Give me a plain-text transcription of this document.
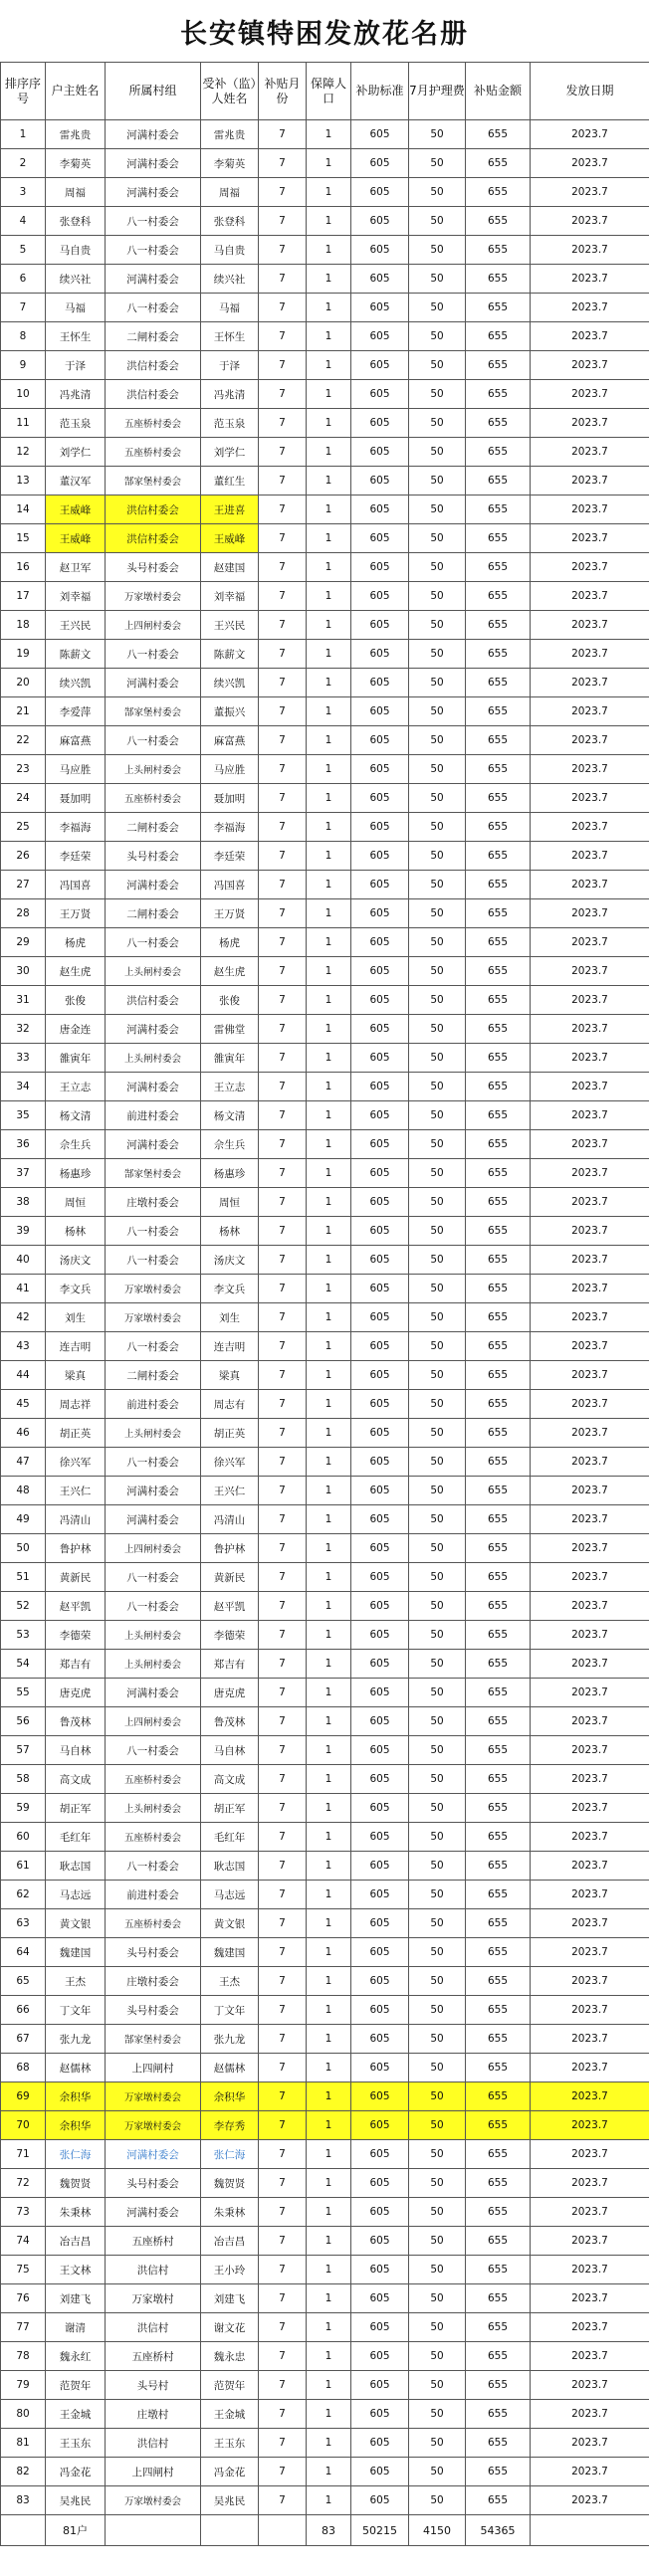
长安镇特困发放花名册
排序序号	户主姓名	所属村组	受补（监）人姓名	补贴月份	保障人口	补助标准	7月护理费	补贴金额	发放日期
1	雷兆贵	河满村委会	雷兆贵	7	1	605	50	655	2023.7
2	李菊英	河满村委会	李菊英	7	1	605	50	655	2023.7
3	周福	河满村委会	周福	7	1	605	50	655	2023.7
4	张登科	八一村委会	张登科	7	1	605	50	655	2023.7
5	马自贵	八一村委会	马自贵	7	1	605	50	655	2023.7
6	续兴社	河满村委会	续兴社	7	1	605	50	655	2023.7
7	马福	八一村委会	马福	7	1	605	50	655	2023.7
8	王怀生	二闸村委会	王怀生	7	1	605	50	655	2023.7
9	于泽	洪信村委会	于泽	7	1	605	50	655	2023.7
10	冯兆清	洪信村委会	冯兆清	7	1	605	50	655	2023.7
11	范玉泉	五座桥村委会	范玉泉	7	1	605	50	655	2023.7
12	刘学仁	五座桥村委会	刘学仁	7	1	605	50	655	2023.7
13	董汉军	郜家堡村委会	董红生	7	1	605	50	655	2023.7
14	王威峰	洪信村委会	王进喜	7	1	605	50	655	2023.7
15	王威峰	洪信村委会	王威峰	7	1	605	50	655	2023.7
16	赵卫军	头号村委会	赵建国	7	1	605	50	655	2023.7
17	刘幸福	万家墩村委会	刘幸福	7	1	605	50	655	2023.7
18	王兴民	上四闸村委会	王兴民	7	1	605	50	655	2023.7
19	陈薪文	八一村委会	陈薪文	7	1	605	50	655	2023.7
20	续兴凯	河满村委会	续兴凯	7	1	605	50	655	2023.7
21	李爱萍	郜家堡村委会	董振兴	7	1	605	50	655	2023.7
22	麻富燕	八一村委会	麻富燕	7	1	605	50	655	2023.7
23	马应胜	上头闸村委会	马应胜	7	1	605	50	655	2023.7
24	聂加明	五座桥村委会	聂加明	7	1	605	50	655	2023.7
25	李福海	二闸村委会	李福海	7	1	605	50	655	2023.7
26	李廷荣	头号村委会	李廷荣	7	1	605	50	655	2023.7
27	冯国喜	河满村委会	冯国喜	7	1	605	50	655	2023.7
28	王万贤	二闸村委会	王万贤	7	1	605	50	655	2023.7
29	杨虎	八一村委会	杨虎	7	1	605	50	655	2023.7
30	赵生虎	上头闸村委会	赵生虎	7	1	605	50	655	2023.7
31	张俊	洪信村委会	张俊	7	1	605	50	655	2023.7
32	唐金连	河满村委会	雷佛堂	7	1	605	50	655	2023.7
33	雒寅年	上头闸村委会	雒寅年	7	1	605	50	655	2023.7
34	王立志	河满村委会	王立志	7	1	605	50	655	2023.7
35	杨文清	前进村委会	杨文清	7	1	605	50	655	2023.7
36	佘生兵	河满村委会	佘生兵	7	1	605	50	655	2023.7
37	杨惠珍	郜家堡村委会	杨惠珍	7	1	605	50	655	2023.7
38	周恒	庄墩村委会	周恒	7	1	605	50	655	2023.7
39	杨林	八一村委会	杨林	7	1	605	50	655	2023.7
40	汤庆文	八一村委会	汤庆文	7	1	605	50	655	2023.7
41	李文兵	万家墩村委会	李文兵	7	1	605	50	655	2023.7
42	刘生	万家墩村委会	刘生	7	1	605	50	655	2023.7
43	连吉明	八一村委会	连吉明	7	1	605	50	655	2023.7
44	梁真	二闸村委会	梁真	7	1	605	50	655	2023.7
45	周志祥	前进村委会	周志有	7	1	605	50	655	2023.7
46	胡正英	上头闸村委会	胡正英	7	1	605	50	655	2023.7
47	徐兴军	八一村委会	徐兴军	7	1	605	50	655	2023.7
48	王兴仁	河满村委会	王兴仁	7	1	605	50	655	2023.7
49	冯清山	河满村委会	冯清山	7	1	605	50	655	2023.7
50	鲁护林	上四闸村委会	鲁护林	7	1	605	50	655	2023.7
51	黄新民	八一村委会	黄新民	7	1	605	50	655	2023.7
52	赵平凯	八一村委会	赵平凯	7	1	605	50	655	2023.7
53	李德荣	上头闸村委会	李德荣	7	1	605	50	655	2023.7
54	郑吉有	上头闸村委会	郑吉有	7	1	605	50	655	2023.7
55	唐克虎	河满村委会	唐克虎	7	1	605	50	655	2023.7
56	鲁茂林	上四闸村委会	鲁茂林	7	1	605	50	655	2023.7
57	马自林	八一村委会	马自林	7	1	605	50	655	2023.7
58	高文成	五座桥村委会	高文成	7	1	605	50	655	2023.7
59	胡正军	上头闸村委会	胡正军	7	1	605	50	655	2023.7
60	毛红年	五座桥村委会	毛红年	7	1	605	50	655	2023.7
61	耿志国	八一村委会	耿志国	7	1	605	50	655	2023.7
62	马志远	前进村委会	马志远	7	1	605	50	655	2023.7
63	黄文银	五座桥村委会	黄文银	7	1	605	50	655	2023.7
64	魏建国	头号村委会	魏建国	7	1	605	50	655	2023.7
65	王杰	庄墩村委会	王杰	7	1	605	50	655	2023.7
66	丁文年	头号村委会	丁文年	7	1	605	50	655	2023.7
67	张九龙	郜家堡村委会	张九龙	7	1	605	50	655	2023.7
68	赵儒林	上四闸村	赵儒林	7	1	605	50	655	2023.7
69	余积华	万家墩村委会	余积华	7	1	605	50	655	2023.7
70	余积华	万家墩村委会	李存秀	7	1	605	50	655	2023.7
71	张仁海	河满村委会	张仁海	7	1	605	50	655	2023.7
72	魏贺贤	头号村委会	魏贺贤	7	1	605	50	655	2023.7
73	朱秉林	河满村委会	朱秉林	7	1	605	50	655	2023.7
74	冶吉昌	五座桥村	冶吉昌	7	1	605	50	655	2023.7
75	王文林	洪信村	王小玲	7	1	605	50	655	2023.7
76	刘建飞	万家墩村	刘建飞	7	1	605	50	655	2023.7
77	谢清	洪信村	谢文花	7	1	605	50	655	2023.7
78	魏永红	五座桥村	魏永忠	7	1	605	50	655	2023.7
79	范贺年	头号村	范贺年	7	1	605	50	655	2023.7
80	王金城	庄墩村	王金城	7	1	605	50	655	2023.7
81	王玉东	洪信村	王玉东	7	1	605	50	655	2023.7
82	冯金花	上四闸村	冯金花	7	1	605	50	655	2023.7
83	吴兆民	万家墩村委会	吴兆民	7	1	605	50	655	2023.7
	81户				83	50215	4150	54365	
